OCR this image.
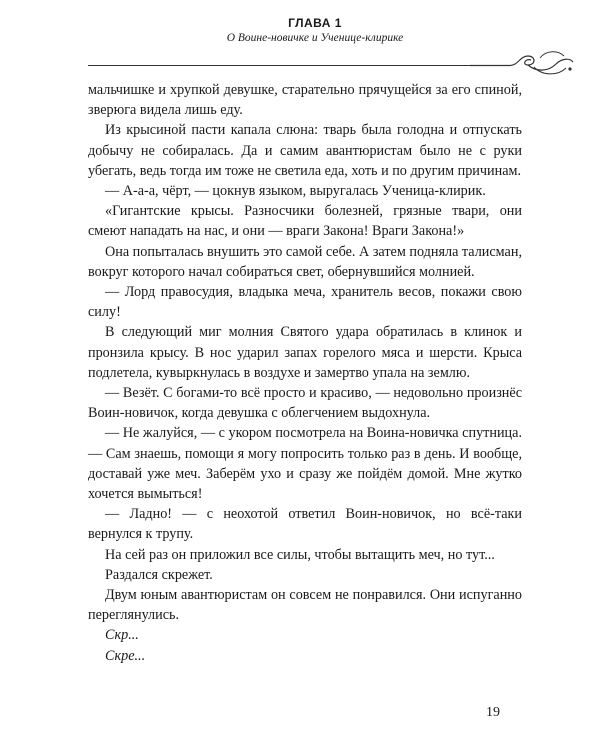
ГЛАВА 1
О Воине-новичке и Ученице-клирике

мальчишке и хрупкой девушке, старательно прячущейся за его спиной, зверюга видела лишь еду.

Из крысиной пасти капала слюна: тварь была голодна и отпускать добычу не собиралась. Да и самим авантюристам было не с руки убегать, ведь тогда им тоже не светила еда, хоть и по другим причинам.

— А-а-а, чёрт, — цокнув языком, выругалась Ученица-клирик.

«Гигантские крысы. Разносчики болезней, грязные твари, они смеют нападать на нас, и они — враги Закона! Враги Закона!»

Она попыталась внушить это самой себе. А затем подняла талисман, вокруг которого начал собираться свет, обернувшийся молнией.

— Лорд правосудия, владыка меча, хранитель весов, покажи свою силу!

В следующий миг молния Святого удара обратилась в клинок и пронзила крысу. В нос ударил запах горелого мяса и шерсти. Крыса подлетела, кувыркнулась в воздухе и замертво упала на землю.

— Везёт. С богами-то всё просто и красиво, — недовольно произнёс Воин-новичок, когда девушка с облегчением выдохнула.

— Не жалуйся, — с укором посмотрела на Воина-новичка спутница. — Сам знаешь, помощи я могу попросить только раз в день. И вообще, доставай уже меч. Заберём ухо и сразу же пойдём домой. Мне жутко хочется вымыться!

— Ладно! — с неохотой ответил Воин-новичок, но всё-таки вернулся к трупу.

На сей раз он приложил все силы, чтобы вытащить меч, но тут...

Раздался скрежет.

Двум юным авантюристам он совсем не понравился. Они испуганно переглянулись.

Скр...

Скре...

19
